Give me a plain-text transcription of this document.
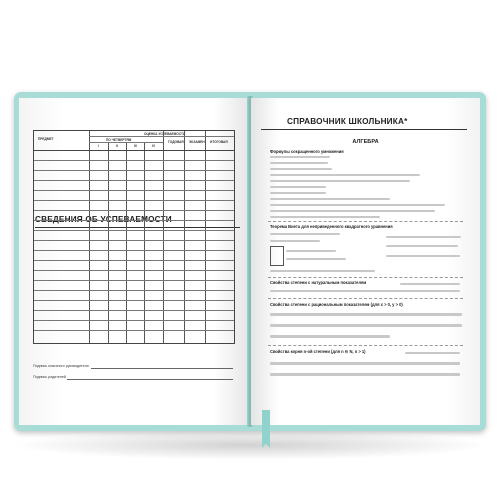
СВЕДЕНИЯ ОБ УСПЕВАЕМОСТИ
ПРЕДМЕТ
ОЦЕНКА УСПЕВАЕМОСТИ
ПО ЧЕТВЕРТЯМ
I	II	III	IV
ГОДОВАЯ ЭКЗАМЕН ИТОГОВАЯ
Подпись классного руководителя
Подпись родителей
СПРАВОЧНИК ШКОЛЬНИКА*
АЛГЕБРА
Формулы сокращенного умножения
Теорема Виета для неприведенного квадратного уравнения
Свойства степени с натуральным показателем
Свойства степени с рациональным показателем (для x > 0, y > 0)
Свойства корня n-ой степени (для n ∈ N, n > 1)
